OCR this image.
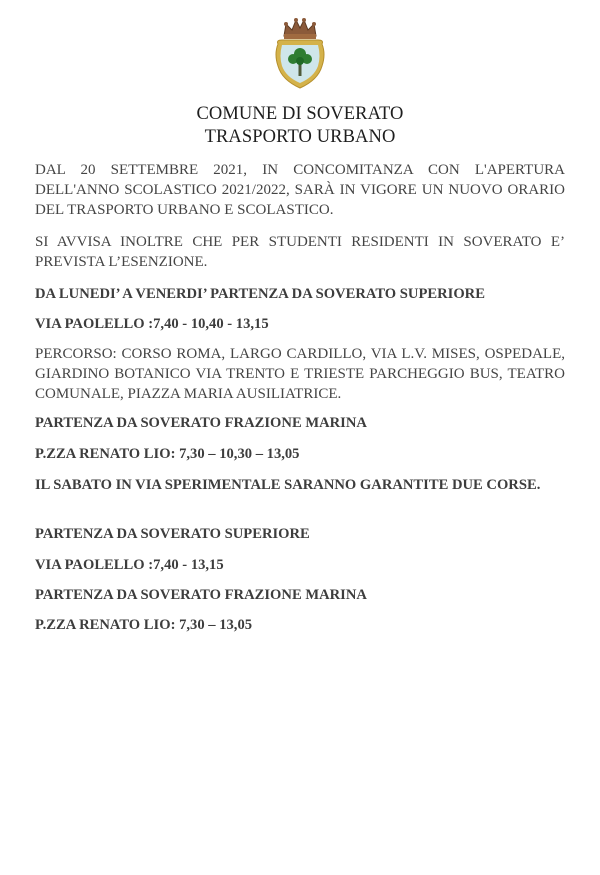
COMUNE DI SOVERATO
TRASPORTO URBANO
DAL 20 SETTEMBRE 2021, IN CONCOMITANZA CON L'APERTURA DELL'ANNO SCOLASTICO 2021/2022, SARÀ IN VIGORE UN NUOVO ORARIO DEL TRASPORTO URBANO E SCOLASTICO.
SI AVVISA INOLTRE CHE PER STUDENTI RESIDENTI IN SOVERATO E’ PREVISTA L’ESENZIONE.
DA LUNEDI’ A VENERDI’ PARTENZA DA SOVERATO SUPERIORE
VIA PAOLELLO :7,40 - 10,40 - 13,15
PERCORSO: CORSO ROMA, LARGO CARDILLO, VIA L.V. MISES, OSPEDALE, GIARDINO BOTANICO VIA TRENTO E TRIESTE PARCHEGGIO BUS, TEATRO COMUNALE, PIAZZA MARIA AUSILIATRICE.
PARTENZA DA SOVERATO FRAZIONE MARINA
P.ZZA RENATO LIO: 7,30 – 10,30 – 13,05
IL SABATO IN VIA SPERIMENTALE SARANNO GARANTITE DUE CORSE.
PARTENZA DA SOVERATO SUPERIORE
VIA PAOLELLO :7,40 - 13,15
PARTENZA DA SOVERATO FRAZIONE MARINA
P.ZZA RENATO LIO: 7,30 – 13,05
